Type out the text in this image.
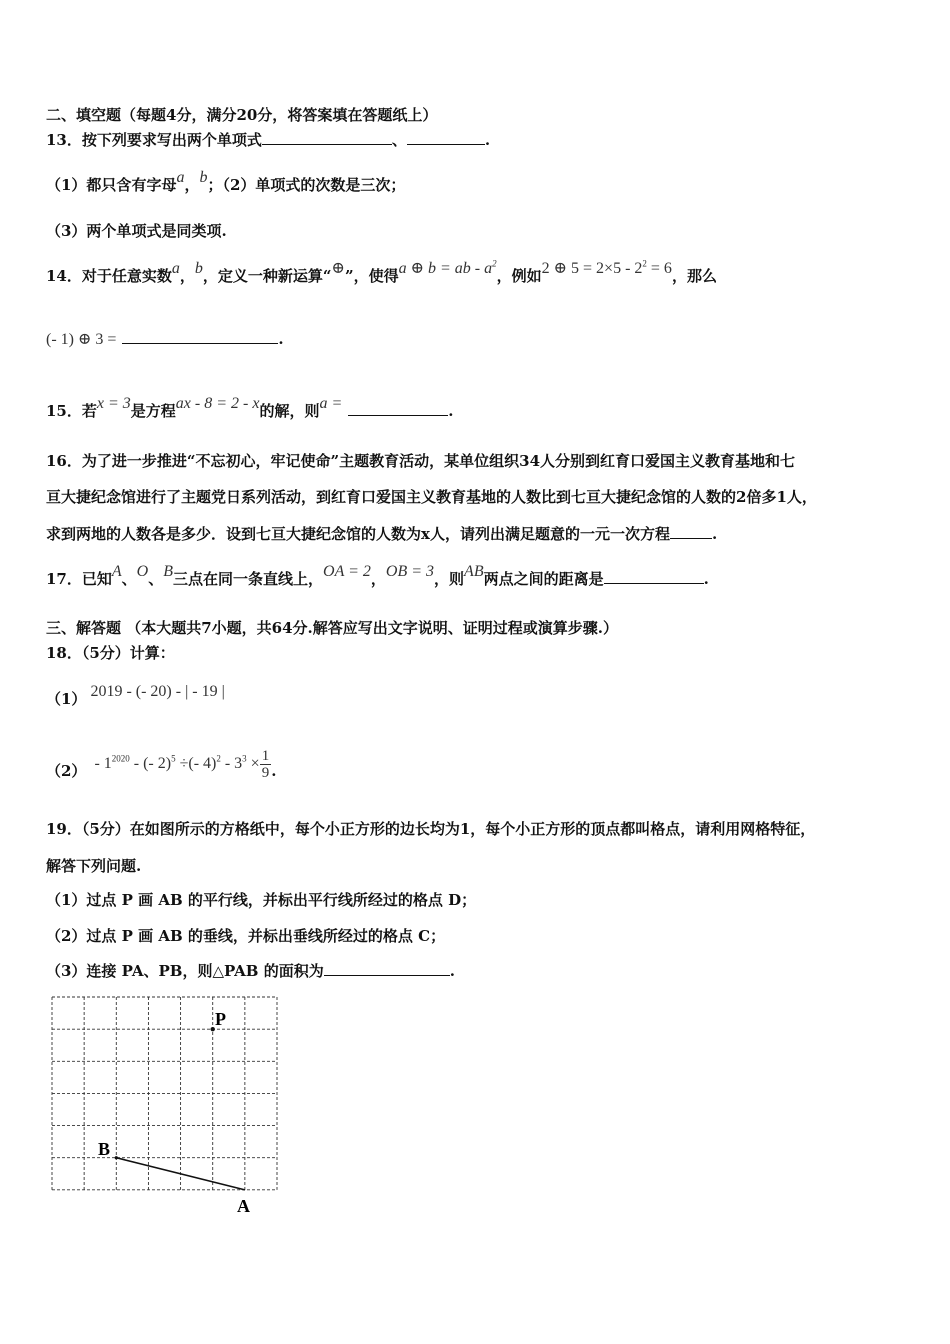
二、填空题（每题4分，满分20分，将答案填在答题纸上）
13．按下列要求写出两个单项式	、	.
（1）都只含有字母a，b；（2）单项式的次数是三次；
（3）两个单项式是同类项.
14．对于任意实数a，b，定义一种新运算“⊕”，使得a ⊕ b = ab - $a^2$，例如2 ⊕ $5 = 2\times 5 - 2^2 = 6$，那么
(- 1) ⊕ 3 =	.
15．若x = 3是方程ax - 8 = 2 - x的解，则a =	.
16．为了进一步推进“不忘初心，牢记使命”主题教育活动，某单位组织34人分别到红育口爱国主义教育基地和七
亘大捷纪念馆进行了主题党日系列活动，到红育口爱国主义教育基地的人数比到七亘大捷纪念馆的人数的2倍多1人，
求到两地的人数各是多少．设到七亘大捷纪念馆的人数为x人，请列出满足题意的一元一次方程	.
17．已知A、O、B三点在同一条直线上，OA = 2，OB = 3，则AB两点之间的距离是	.
三、解答题 （本大题共7小题，共64分.解答应写出文字说明、证明过程或演算步骤.）
18．（5分）计算：
（1） 2019 - (- 20) - | - 19 |
$(2) - 1^{2020}$ - (- 2)$^5$ ÷(- $4)^2 - 3^3 \times \frac{1}{9}$ .
19．（5分）在如图所示的方格纸中，每个小正方形的边长均为1，每个小正方形的顶点都叫格点，请利用网格特征，
解答下列问题.
（1）过点 P 画 AB 的平行线，并标出平行线所经过的格点 D；
（2）过点 P 画 AB 的垂线，并标出垂线所经过的格点 C；
（3）连接 PA、PB，则△PAB 的面积为	.
P
B
A
